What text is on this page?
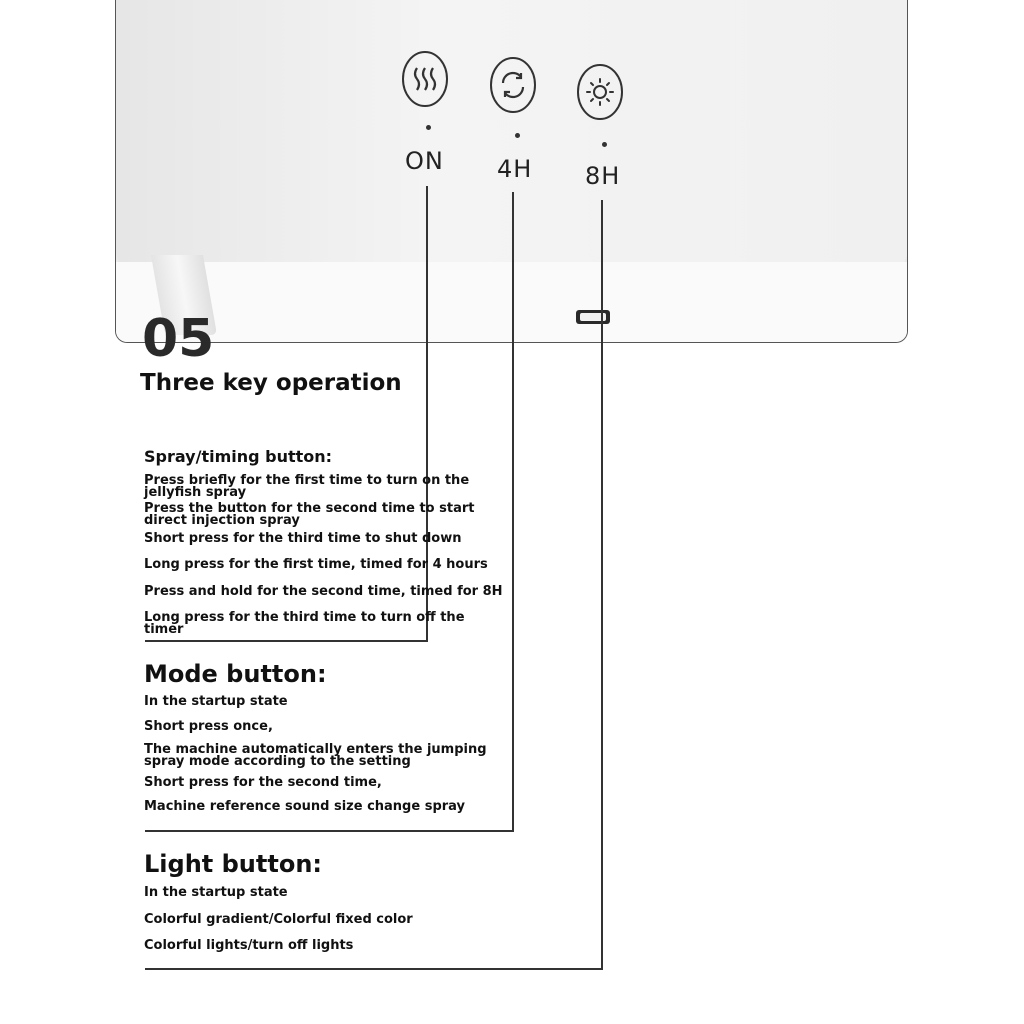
ON 4H 8H
05
Three key operation
Spray/timing button:
Press briefly for the first time to turn on the jellyfish spray
Press the button for the second time to start direct injection spray
Short press for the third time to shut down
Long press for the first time, timed for 4 hours
Press and hold for the second time, timed for 8H
Long press for the third time to turn off the timer
Mode button:
In the startup state
Short press once,
The machine automatically enters the jumping spray mode according to the setting
Short press for the second time,
Machine reference sound size change spray
Light button:
In the startup state
Colorful gradient/Colorful fixed color
Colorful lights/turn off lights
